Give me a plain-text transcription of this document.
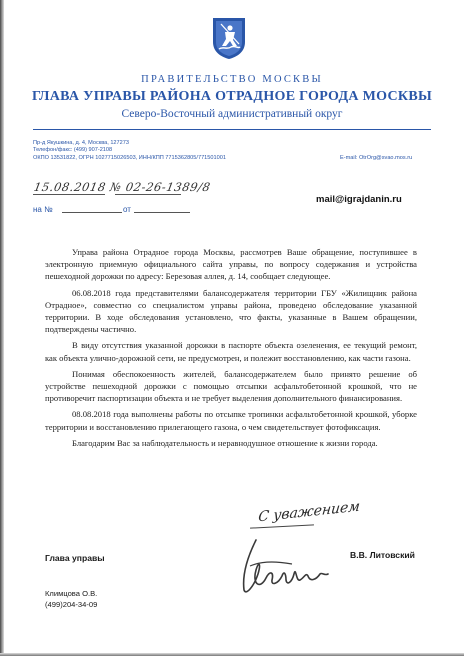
ПРАВИТЕЛЬСТВО МОСКВЫ
ГЛАВА УПРАВЫ РАЙОНА ОТРАДНОЕ ГОРОДА МОСКВЫ
Северо-Восточный административный округ
Пр-д Якушкина, д. 4, Москва, 127273
Телефон/факс: (499) 907-2108
ОКПО 13531822, ОГРН 1027715026503, ИНН/КПП 7715362805/771501001	E-mail: OtrOrg@svao.mos.ru
15.08.2018 № 02-26-1389/8
на №	от
mail@igrajdanin.ru

Управа района Отрадное города Москвы, рассмотрев Ваше обращение, поступившее в электронную приемную официального сайта управы, по вопросу содержания и устройства пешеходной дорожки по адресу: Березовая аллея, д. 14, сообщает следующее.

06.08.2018 года представителями балансодержателя территории ГБУ «Жилищник района Отрадное», совместно со специалистом управы района, проведено обследование указанной территории. В ходе обследования установлено, что факты, указанные в Вашем обращении, подтверждены частично.

В виду отсутствия указанной дорожки в паспорте объекта озеленения, ее текущий ремонт, как объекта улично-дорожной сети, не предусмотрен, и полежит восстановлению, как части газона.

Понимая обеспокоенность жителей, балансодержателем было принято решение об устройстве пешеходной дорожки с помощью отсыпки асфальтобетонной крошкой, что не противоречит паспортизации объекта и не требует выделения дополнительного финансирования.

08.08.2018 года выполнены работы по отсыпке тропинки асфальтобетонной крошкой, уборке территории и восстановлению прилегающего газона, о чем свидетельствует фотофиксация.

Благодарим Вас за наблюдательность и неравнодушное отношение к жизни города.

С уважением
Глава управы	В.В. Литовский
Климцова О.В.
(499)204-34-09
